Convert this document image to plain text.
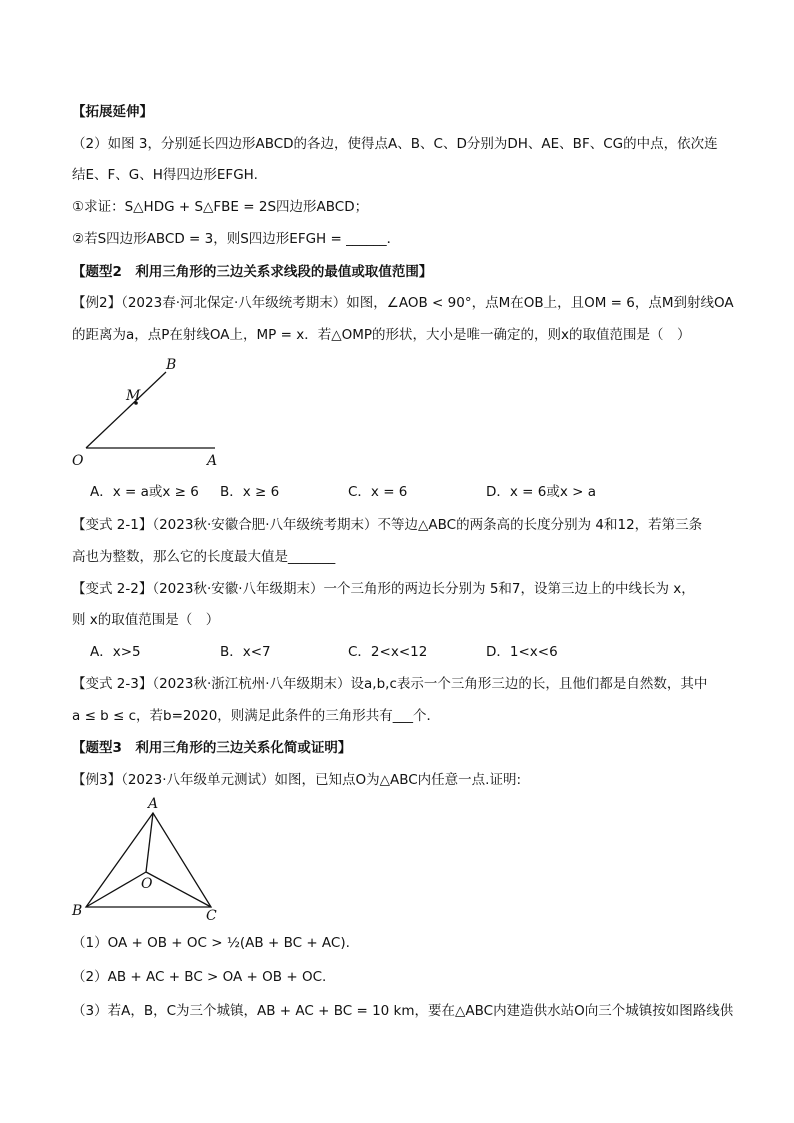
【拓展延伸】
（2）如图 3，分别延长四边形ABCD的各边，使得点A、B、C、D分别为DH、AE、BF、CG的中点，依次连
结E、F、G、H得四边形EFGH.
①求证：S△HDG + S△FBE = 2S四边形ABCD；
②若S四边形ABCD = 3，则S四边形EFGH = ______．
【题型2　利用三角形的三边关系求线段的最值或取值范围】
【例2】（2023春·河北保定·八年级统考期末）如图，∠AOB < 90°，点M在OB上，且OM = 6，点M到射线OA
的距离为a，点P在射线OA上，MP = x．若△OMP的形状，大小是唯一确定的，则x的取值范围是（　）
B
M
O	A
A．x = a或x ≥ 6 B．x ≥ 6	C．x = 6	D．x = 6或x > a
【变式 2-1】（2023秋·安徽合肥·八年级统考期末）不等边△ABC的两条高的长度分别为 4和12，若第三条
高也为整数，那么它的长度最大值是_______
【变式 2-2】（2023秋·安徽·八年级期末）一个三角形的两边长分别为 5和7，设第三边上的中线长为 x，
则 x的取值范围是（　）
A．x>5	B．x<7	C．2<x<12	D．1<x<6
【变式 2-3】（2023秋·浙江杭州·八年级期末）设a,b,c表示一个三角形三边的长，且他们都是自然数，其中
a ≤ b ≤ c，若b=2020，则满足此条件的三角形共有___个．
【题型3　利用三角形的三边关系化简或证明】
【例3】（2023·八年级单元测试）如图，已知点O为△ABC内任意一点.证明:
A
O
B	C
（1）OA + OB + OC > ½(AB + BC + AC).
（2）AB + AC + BC > OA + OB + OC.
（3）若A，B，C为三个城镇，AB + AC + BC = 10 km，要在△ABC内建造供水站O向三个城镇按如图路线供
